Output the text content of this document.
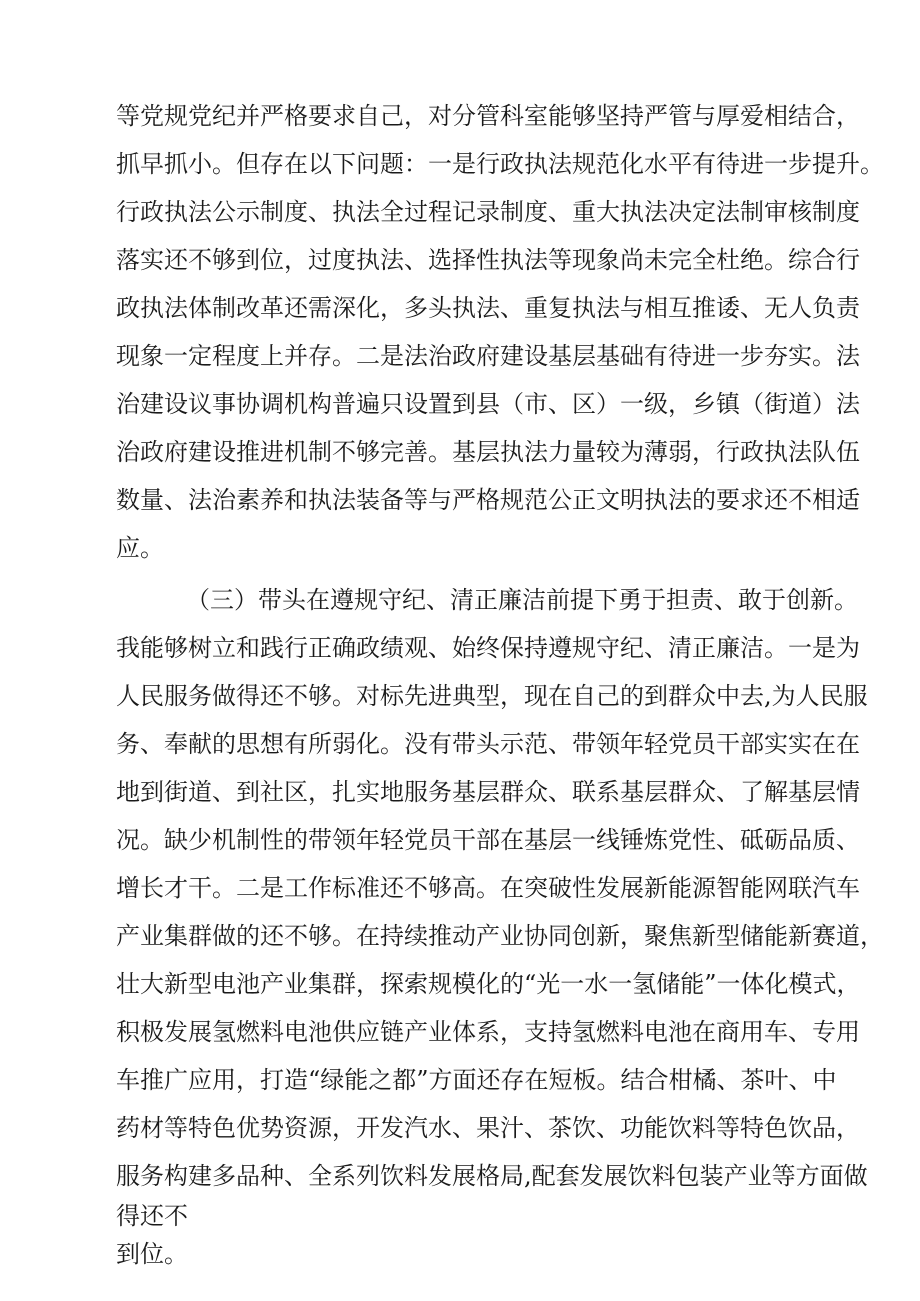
等党规党纪并严格要求自己，对分管科室能够坚持严管与厚爱相结合，
抓早抓小。但存在以下问题：一是行政执法规范化水平有待进一步提升。
行政执法公示制度、执法全过程记录制度、重大执法决定法制审核制度
落实还不够到位，过度执法、选择性执法等现象尚未完全杜绝。综合行
政执法体制改革还需深化，多头执法、重复执法与相互推诿、无人负责
现象一定程度上并存。二是法治政府建设基层基础有待进一步夯实。法
治建设议事协调机构普遍只设置到县（市、区）一级，乡镇（街道）法
治政府建设推进机制不够完善。基层执法力量较为薄弱，行政执法队伍
数量、法治素养和执法装备等与严格规范公正文明执法的要求还不相适
应。
（三）带头在遵规守纪、清正廉洁前提下勇于担责、敢于创新。
我能够树立和践行正确政绩观、始终保持遵规守纪、清正廉洁。一是为
人民服务做得还不够。对标先进典型，现在自己的到群众中去,为人民服
务、奉献的思想有所弱化。没有带头示范、带领年轻党员干部实实在在
地到街道、到社区，扎实地服务基层群众、联系基层群众、了解基层情
况。缺少机制性的带领年轻党员干部在基层一线锤炼党性、砥砺品质、
增长才干。二是工作标准还不够高。在突破性发展新能源智能网联汽车
产业集群做的还不够。在持续推动产业协同创新，聚焦新型储能新赛道，
壮大新型电池产业集群，探索规模化的“光一水一氢储能”一体化模式，
积极发展氢燃料电池供应链产业体系，支持氢燃料电池在商用车、专用
车推广应用，打造“绿能之都”方面还存在短板。结合柑橘、茶叶、中
药材等特色优势资源，开发汽水、果汁、茶饮、功能饮料等特色饮品，
服务构建多品种、全系列饮料发展格局,配套发展饮料包装产业等方面做
得还不
到位。
